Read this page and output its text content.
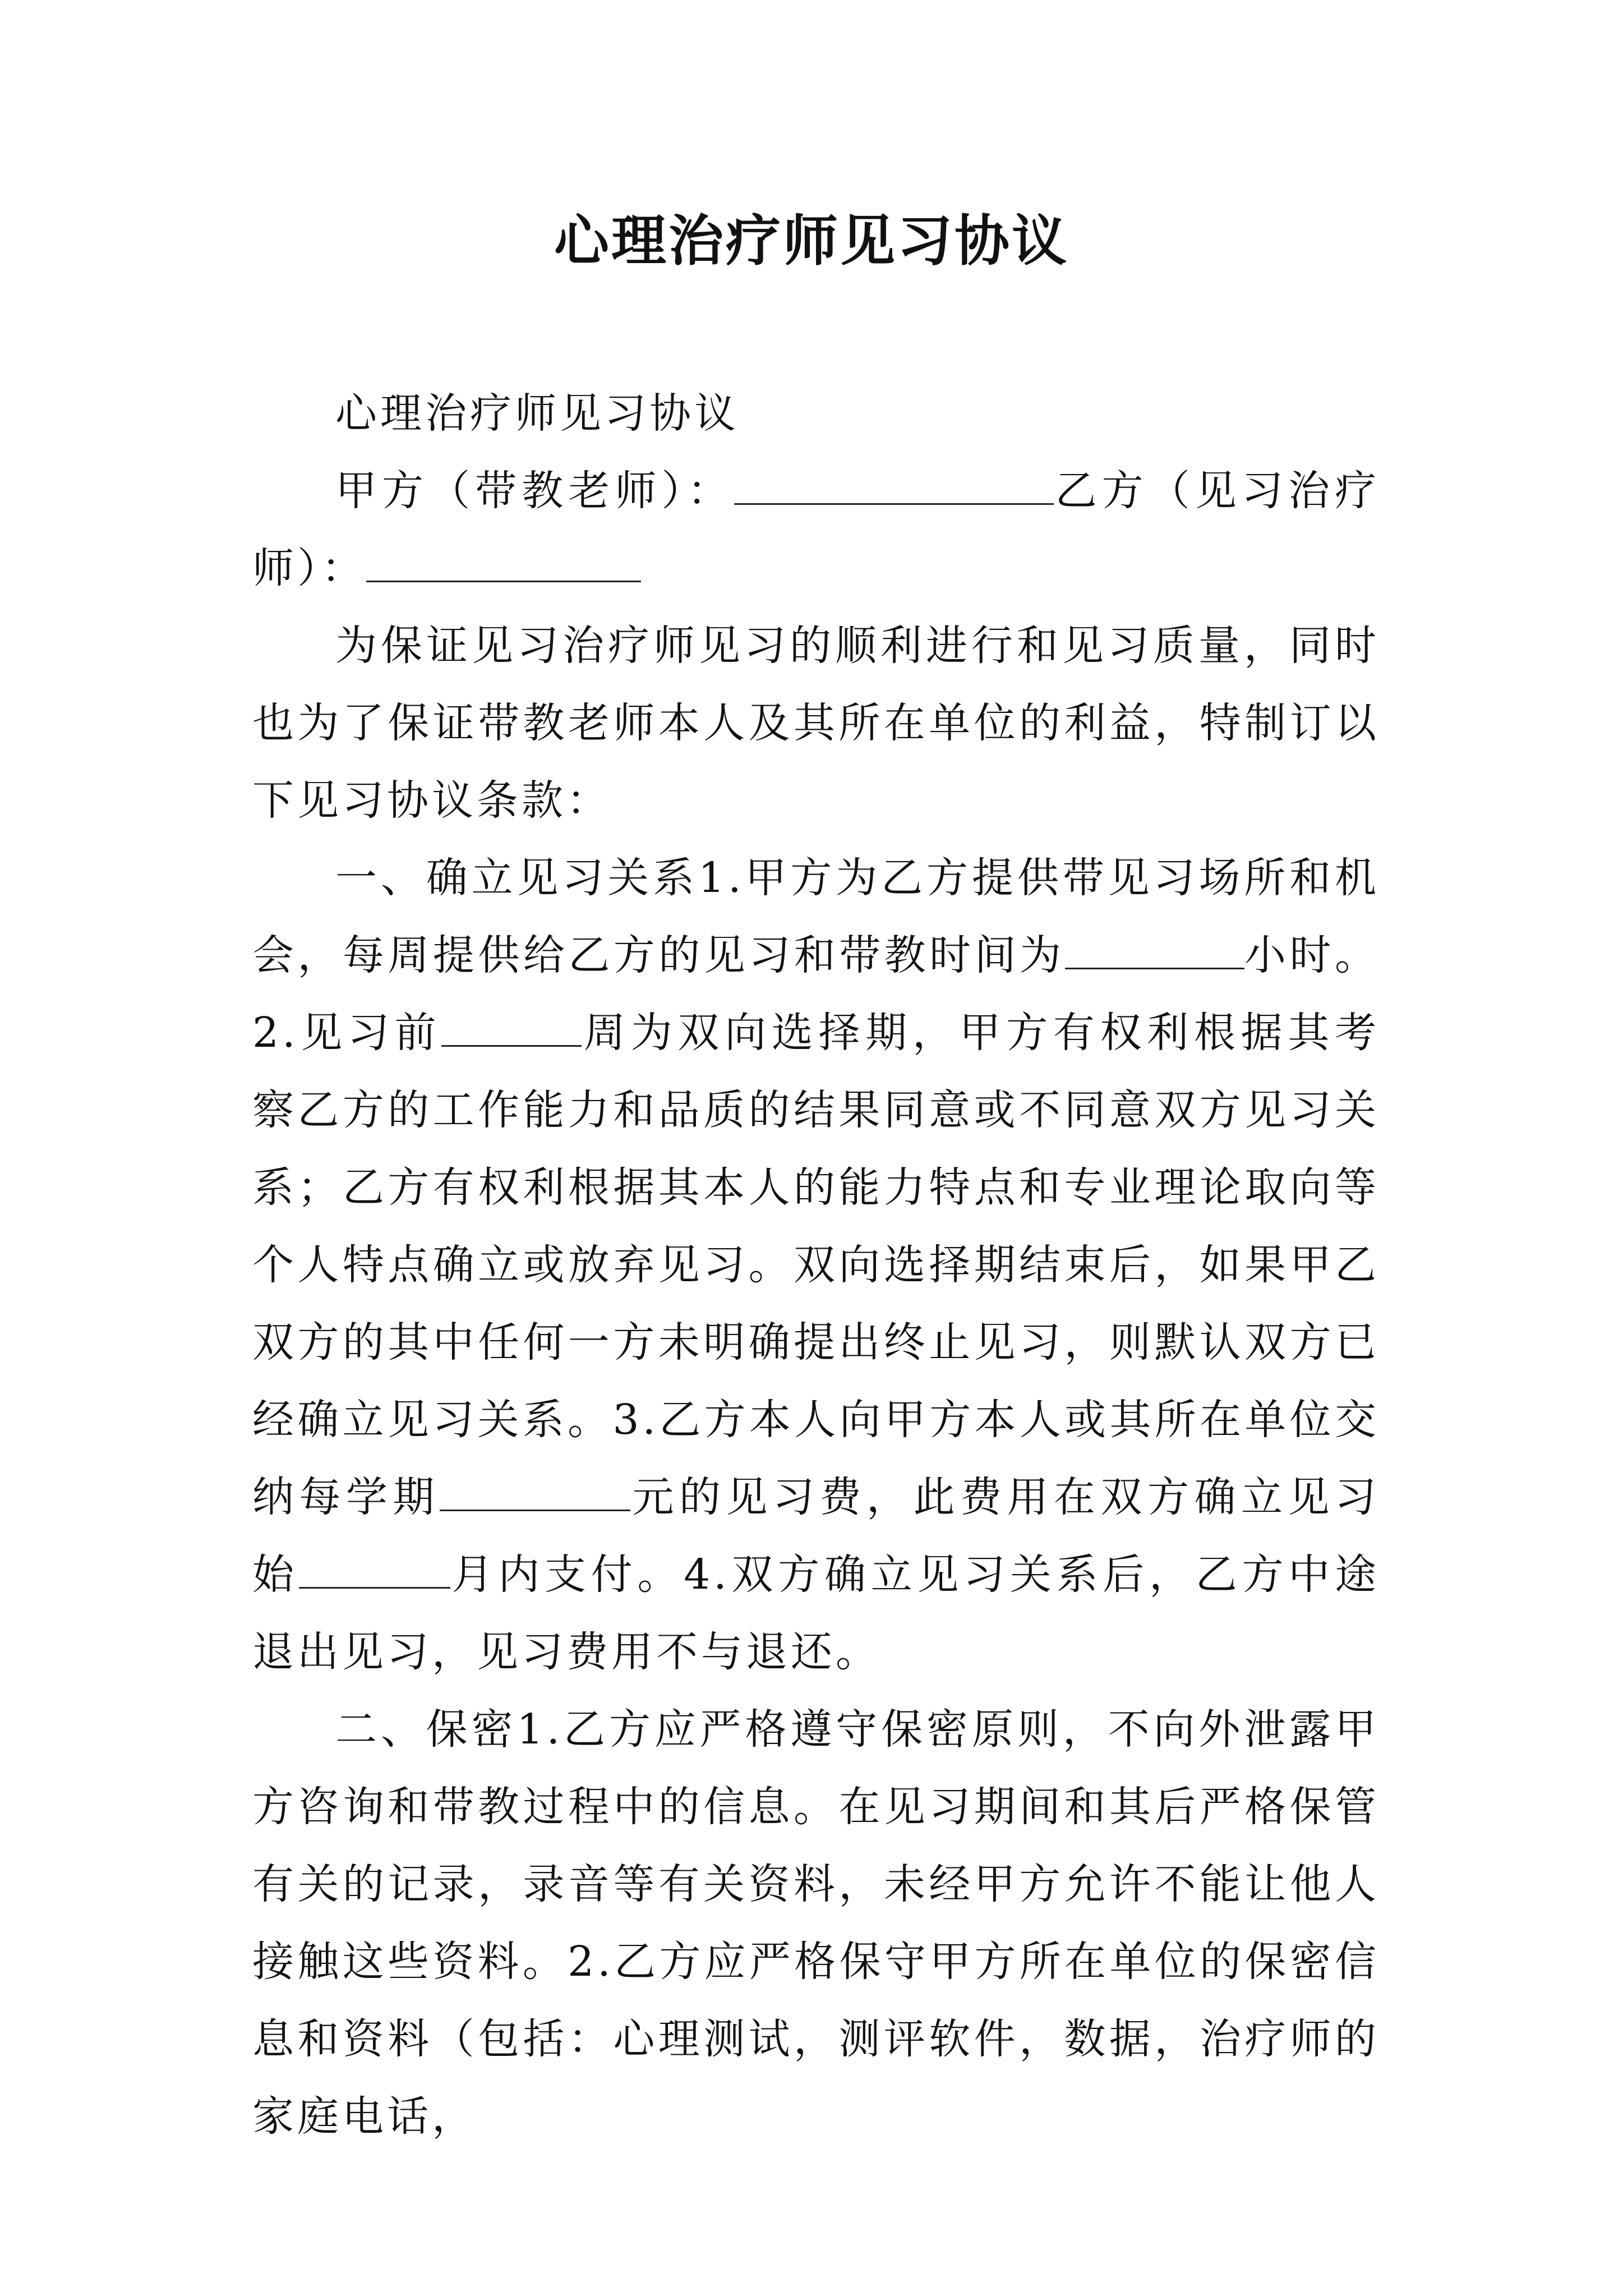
心理治疗师见习协议

心理治疗师见习协议

甲方（带教老师）：	乙方（见习治疗师）：

为保证见习治疗师见习的顺利进行和见习质量，同时也为了保证带教老师本人及其所在单位的利益，特制订以下见习协议条款：

一、确立见习关系1.甲方为乙方提供带见习场所和机会，每周提供给乙方的见习和带教时间为	小时。2.见习前	周为双向选择期，甲方有权利根据其考察乙方的工作能力和品质的结果同意或不同意双方见习关系；乙方有权利根据其本人的能力特点和专业理论取向等个人特点确立或放弃见习。双向选择期结束后，如果甲乙双方的其中任何一方未明确提出终止见习，则默认双方已经确立见习关系。3.乙方本人向甲方本人或其所在单位交纳每学期	元的见习费，此费用在双方确立见习始	月内支付。4.双方确立见习关系后，乙方中途退出见习，见习费用不与退还。

二、保密1.乙方应严格遵守保密原则，不向外泄露甲方咨询和带教过程中的信息。在见习期间和其后严格保管有关的记录，录音等有关资料，未经甲方允许不能让他人接触这些资料。2.乙方应严格保守甲方所在单位的保密信息和资料（包括：心理测试，测评软件，数据，治疗师的家庭电话，
